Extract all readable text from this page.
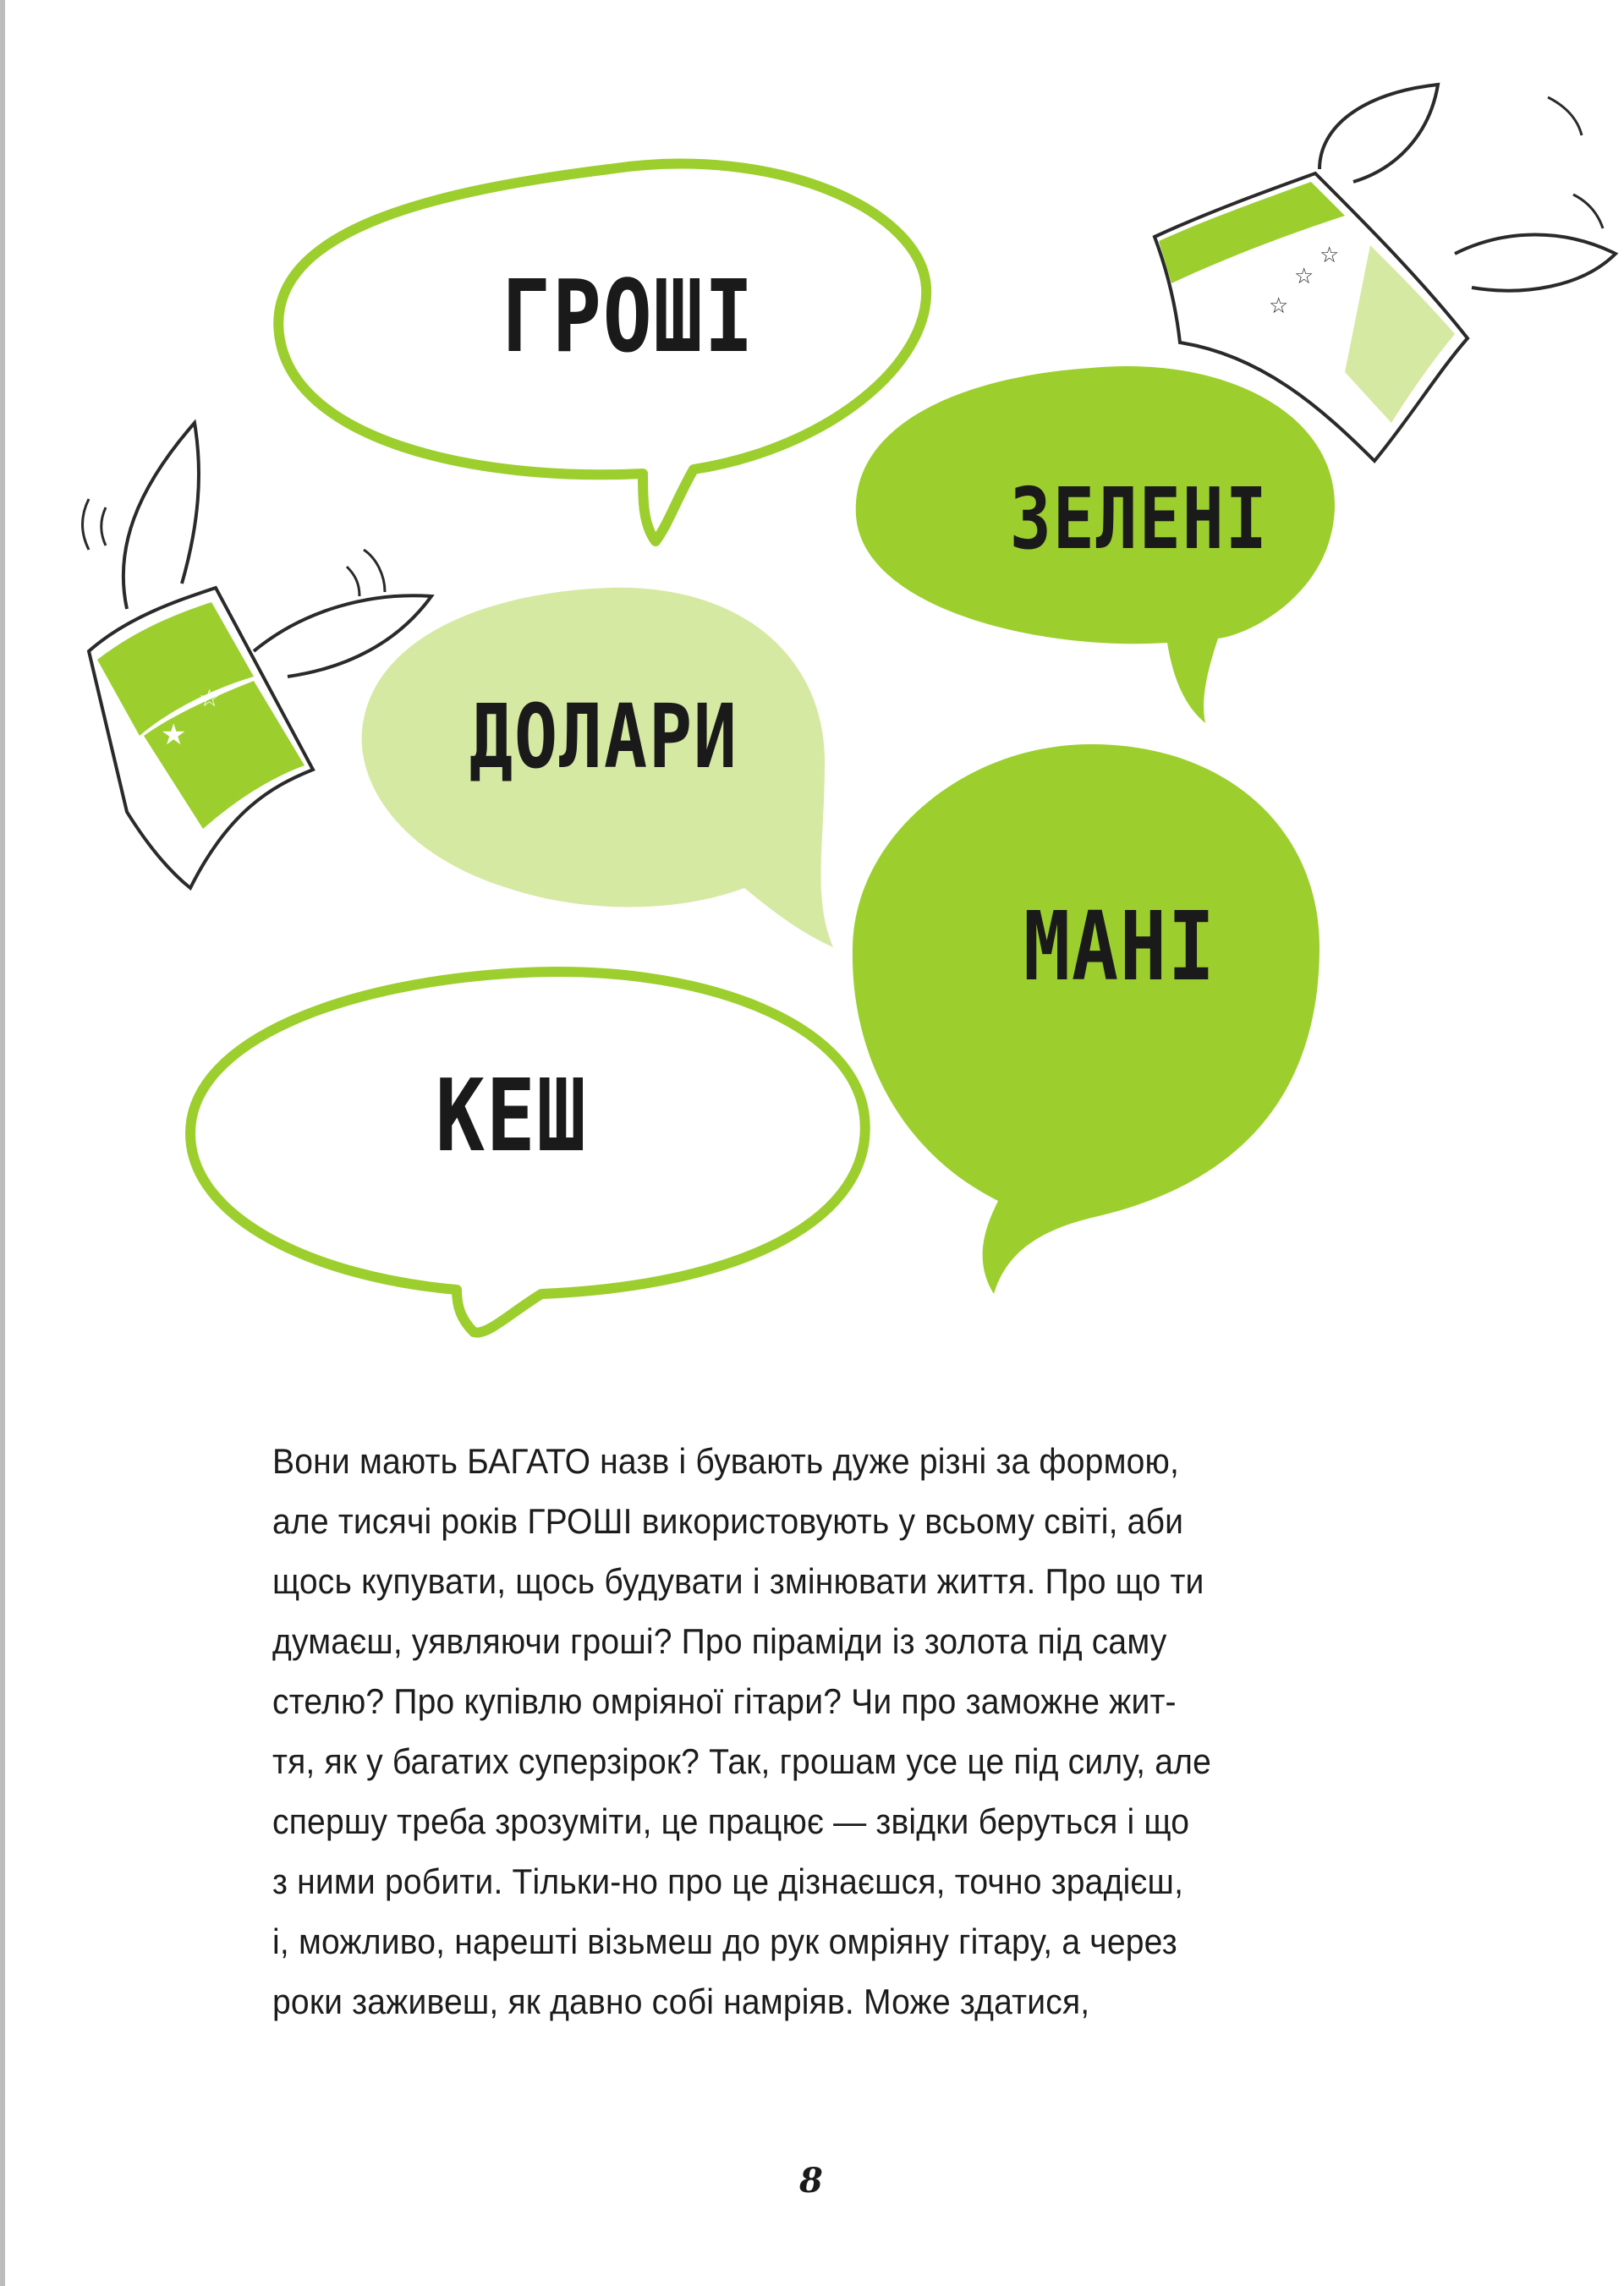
★
☆
☆
☆
☆
ГРОШІ
ЗЕЛЕНІ
ДОЛАРИ
МАНІ
КЕШ

Вони мають БАГАТО назв і бувають дуже різні за формою,
але тисячі років ГРОШІ використовують у всьому світі, аби
щось купувати, щось будувати і змінювати життя. Про що ти
думаєш, уявляючи гроші? Про піраміди із золота під саму
стелю? Про купівлю омріяної гітари? Чи про заможне жит-
тя, як у багатих суперзірок? Так, грошам усе це під силу, але
спершу треба зрозуміти, це працює — звідки беруться і що
з ними робити. Тільки-но про це дізнаєшся, точно зрадієш,
і, можливо, нарешті візьмеш до рук омріяну гітару, а через
роки заживеш, як давно собі намріяв. Може здатися,

8
